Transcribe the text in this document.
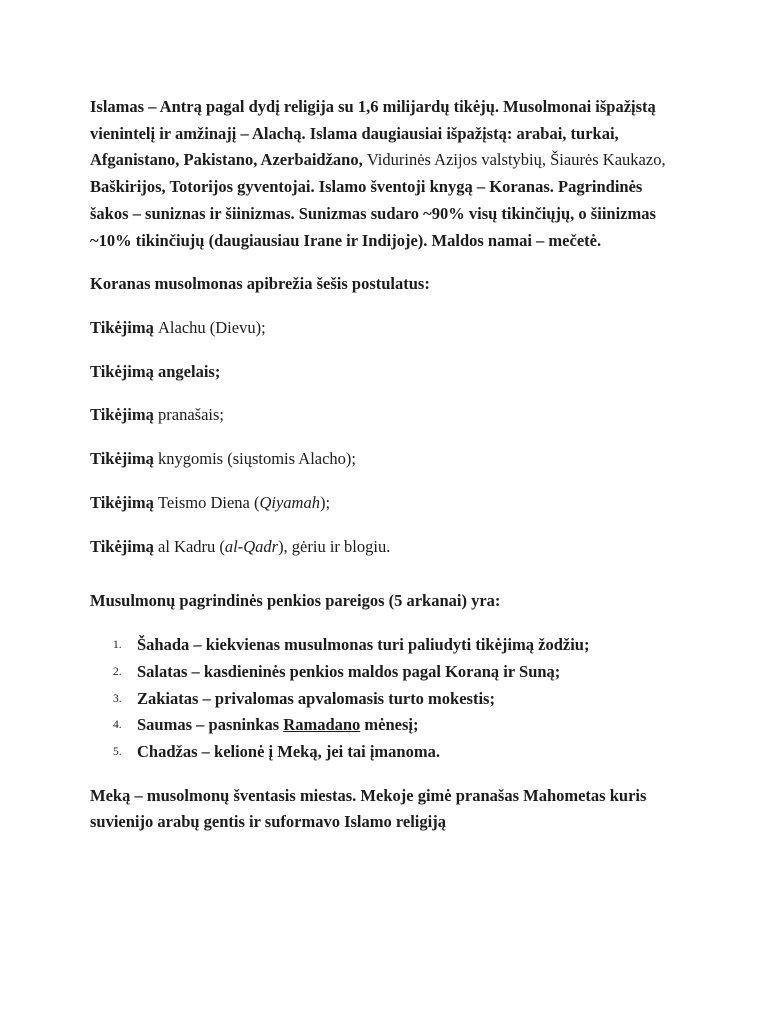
Islamas – Antrą pagal dydį religija su 1,6 milijardų tikėjų. Musolmonai išpažįstą vienintelį ir amžinajį – Alachą. Islama daugiausiai išpažįstą: arabai, turkai, Afganistano, Pakistano, Azerbaidžano, Vidurinės Azijos valstybių, Šiaurės Kaukazo, Baškirijos, Totorijos gyventojai. Islamo šventoji knygą – Koranas. Pagrindinės šakos – suniznas ir šiinizmas. Sunizmas sudaro ~90% visų tikinčiųjų, o šiinizmas ~10% tikinčiujų (daugiausiau Irane ir Indijoje). Maldos namai – mečetė.

Koranas musolmonas apibrežia šešis postulatus:

Tikėjimą Alachu (Dievu);

Tikėjimą angelais;

Tikėjimą pranašais;

Tikėjimą knygomis (siųstomis Alacho);

Tikėjimą Teismo Diena (Qiyamah);

Tikėjimą al Kadru (al-Qadr), gėriu ir blogiu.

Musulmonų pagrindinės penkios pareigos (5 arkanai) yra:

Šahada – kiekvienas musulmonas turi paliudyti tikėjimą žodžiu;
Salatas – kasdieninės penkios maldos pagal Koraną ir Suną;
Zakiatas – privalomas apvalomasis turto mokestis;
Saumas – pasninkas Ramadano mėnesį;
Chadžas – kelionė į Meką, jei tai įmanoma.

Meką – musolmonų šventasis miestas. Mekoje gimė pranašas Mahometas kuris suvienijo arabų gentis ir suformavo Islamo religiją
